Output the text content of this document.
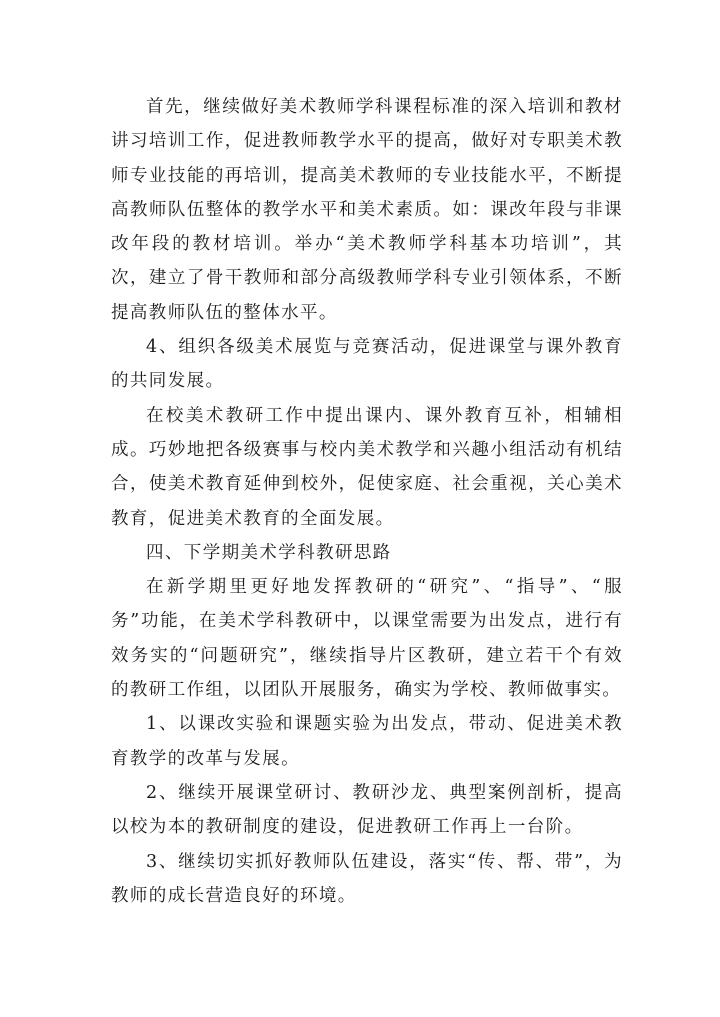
首先，继续做好美术教师学科课程标准的深入培训和教材讲习培训工作，促进教师教学水平的提高，做好对专职美术教师专业技能的再培训，提高美术教师的专业技能水平，不断提高教师队伍整体的教学水平和美术素质。如：课改年段与非课改年段的教材培训。举办“美术教师学科基本功培训”，其次，建立了骨干教师和部分高级教师学科专业引领体系，不断提高教师队伍的整体水平。

4、组织各级美术展览与竞赛活动，促进课堂与课外教育的共同发展。

在校美术教研工作中提出课内、课外教育互补，相辅相成。巧妙地把各级赛事与校内美术教学和兴趣小组活动有机结合，使美术教育延伸到校外，促使家庭、社会重视，关心美术教育，促进美术教育的全面发展。

四、下学期美术学科教研思路

在新学期里更好地发挥教研的“研究”、“指导”、“服务”功能，在美术学科教研中，以课堂需要为出发点，进行有效务实的“问题研究”，继续指导片区教研，建立若干个有效的教研工作组，以团队开展服务，确实为学校、教师做事实。

1、以课改实验和课题实验为出发点，带动、促进美术教育教学的改革与发展。

2、继续开展课堂研讨、教研沙龙、典型案例剖析，提高以校为本的教研制度的建设，促进教研工作再上一台阶。

3、继续切实抓好教师队伍建设，落实“传、帮、带”，为教师的成长营造良好的环境。
